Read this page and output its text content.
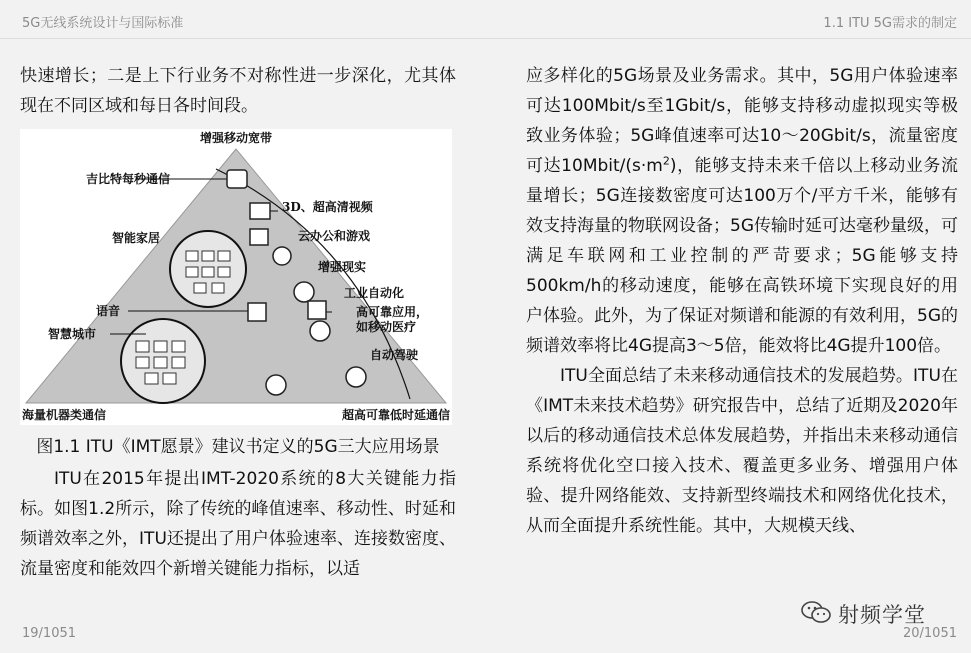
5G无线系统设计与国际标准	1.1 ITU 5G需求的制定

快速增长；二是上下行业务不对称性进一步深化，尤其体现在不同区域和每日各时间段。

增强移动宽带
海量机器类通信	超高可靠低时延通信
吉比特每秒通信
3D、超高清视频
云办公和游戏
智能家居
增强现实
工业自动化
语音	高可靠应用，
如移动医疗
智慧城市
自动驾驶

图1.1 ITU《IMT愿景》建议书定义的5G三大应用场景

ITU在2015年提出IMT-2020系统的8大关键能力指标。如图1.2所示，除了传统的峰值速率、移动性、时延和频谱效率之外，ITU还提出了用户体验速率、连接数密度、流量密度和能效四个新增关键能力指标，以适

应多样化的5G场景及业务需求。其中，5G用户体验速率可达100Mbit/s至1Gbit/s，能够支持移动虚拟现实等极致业务体验；5G峰值速率可达10～20Gbit/s，流量密度可达$10Mbit/(s\cdot m^2)$，能够支持未来千倍以上移动业务流量增长；5G连接数密度可达100万个/平方千米，能够有效支持海量的物联网设备；5G传输时延可达毫秒量级，可满足车联网和工业控制的严苛要求；5G能够支持500km/h的移动速度，能够在高铁环境下实现良好的用户体验。此外，为了保证对频谱和能源的有效利用，5G的频谱效率将比4G提高3～5倍，能效将比4G提升100倍。

ITU全面总结了未来移动通信技术的发展趋势。ITU在《IMT未来技术趋势》研究报告中，总结了近期及2020年以后的移动通信技术总体发展趋势，并指出未来移动通信系统将优化空口接入技术、覆盖更多业务、增强用户体验、提升网络能效、支持新型终端技术和网络优化技术，从而全面提升系统性能。其中，大规模天线、

射频学堂
19/1051	20/1051
